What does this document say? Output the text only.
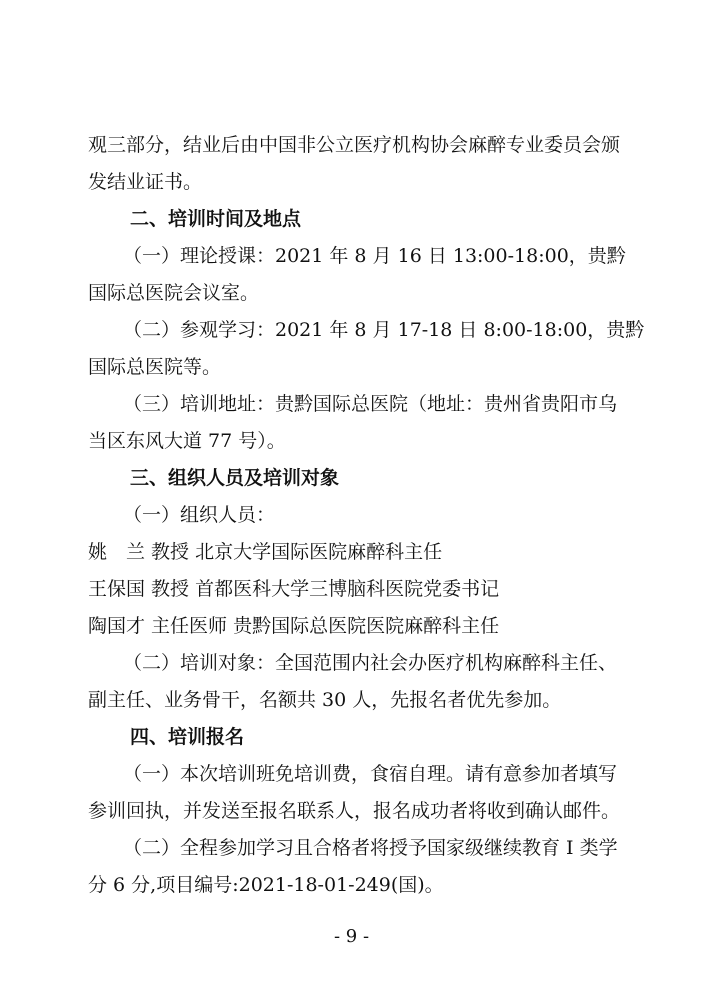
观三部分，结业后由中国非公立医疗机构协会麻醉专业委员会颁
发结业证书。
二、培训时间及地点
（一）理论授课：2021 年 8 月 16 日 13:00-18:00，贵黔
国际总医院会议室。
（二）参观学习：2021 年 8 月 17-18 日 8:00-18:00，贵黔
国际总医院等。
（三）培训地址：贵黔国际总医院（地址：贵州省贵阳市乌
当区东风大道 77 号）。
三、组织人员及培训对象
（一）组织人员：
姚　兰 教授 北京大学国际医院麻醉科主任
王保国 教授 首都医科大学三博脑科医院党委书记
陶国才 主任医师 贵黔国际总医院医院麻醉科主任
（二）培训对象：全国范围内社会办医疗机构麻醉科主任、
副主任、业务骨干，名额共 30 人，先报名者优先参加。
四、培训报名
（一）本次培训班免培训费，食宿自理。请有意参加者填写
参训回执，并发送至报名联系人，报名成功者将收到确认邮件。
（二）全程参加学习且合格者将授予国家级继续教育 I 类学
分 6 分,项目编号:2021-18-01-249(国)。
- 9 -
